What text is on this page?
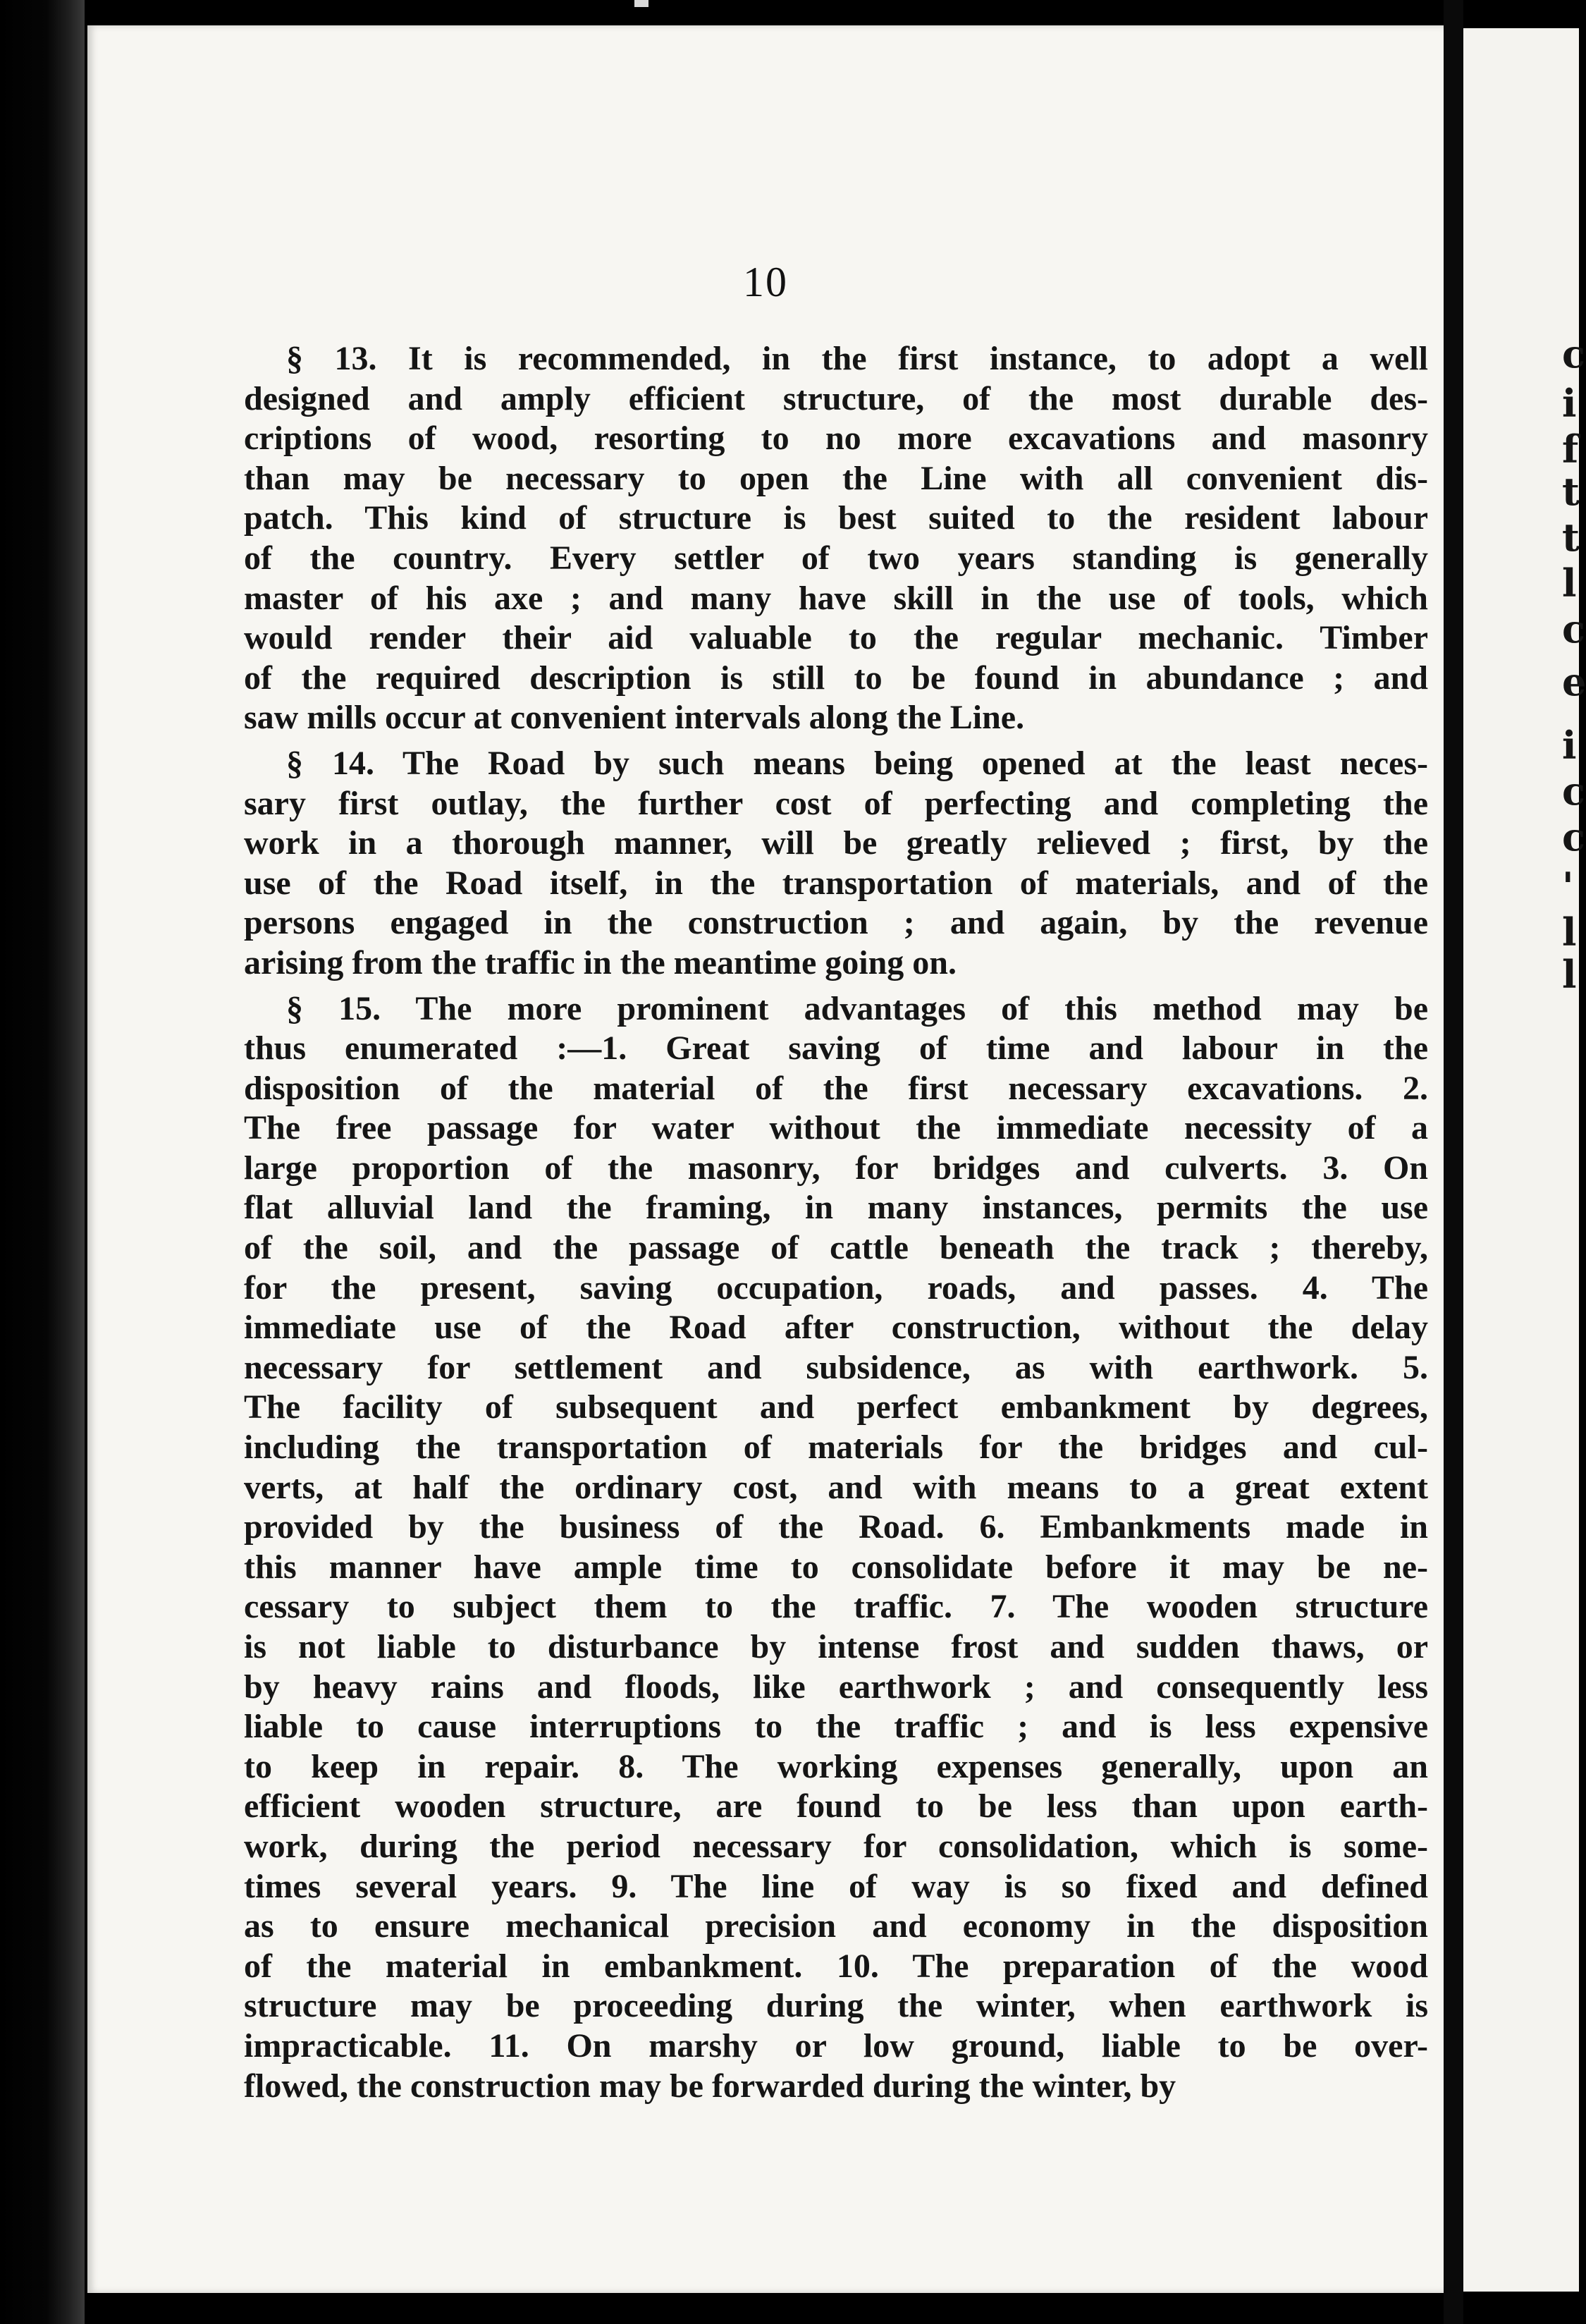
10
§ 13. It is recommended, in the first instance, to adopt a well
designed and amply efficient structure, of the most durable des-
criptions of wood, resorting to no more excavations and masonry
than may be necessary to open the Line with all convenient dis-
patch. This kind of structure is best suited to the resident labour
of the country. Every settler of two years standing is generally
master of his axe ; and many have skill in the use of tools, which
would render their aid valuable to the regular mechanic. Timber
of the required description is still to be found in abundance ; and
saw mills occur at convenient intervals along the Line.
§ 14. The Road by such means being opened at the least neces-
sary first outlay, the further cost of perfecting and completing the
work in a thorough manner, will be greatly relieved ; first, by the
use of the Road itself, in the transportation of materials, and of the
persons engaged in the construction ; and again, by the revenue
arising from the traffic in the meantime going on.
§ 15. The more prominent advantages of this method may be
thus enumerated :—1. Great saving of time and labour in the
disposition of the material of the first necessary excavations. 2.
The free passage for water without the immediate necessity of a
large proportion of the masonry, for bridges and culverts. 3. On
flat alluvial land the framing, in many instances, permits the use
of the soil, and the passage of cattle beneath the track ; thereby,
for the present, saving occupation, roads, and passes. 4. The
immediate use of the Road after construction, without the delay
necessary for settlement and subsidence, as with earthwork. 5.
The facility of subsequent and perfect embankment by degrees,
including the transportation of materials for the bridges and cul-
verts, at half the ordinary cost, and with means to a great extent
provided by the business of the Road. 6. Embankments made in
this manner have ample time to consolidate before it may be ne-
cessary to subject them to the traffic. 7. The wooden structure
is not liable to disturbance by intense frost and sudden thaws, or
by heavy rains and floods, like earthwork ; and consequently less
liable to cause interruptions to the traffic ; and is less expensive
to keep in repair. 8. The working expenses generally, upon an
efficient wooden structure, are found to be less than upon earth-
work, during the period necessary for consolidation, which is some-
times several years. 9. The line of way is so fixed and defined
as to ensure mechanical precision and economy in the disposition
of the material in embankment. 10. The preparation of the wood
structure may be proceeding during the winter, when earthwork is
impracticable. 11. On marshy or low ground, liable to be over-
flowed, the construction may be forwarded during the winter, by
c
i
f
t
t
l
c
e
i
c
c
'
l
l
